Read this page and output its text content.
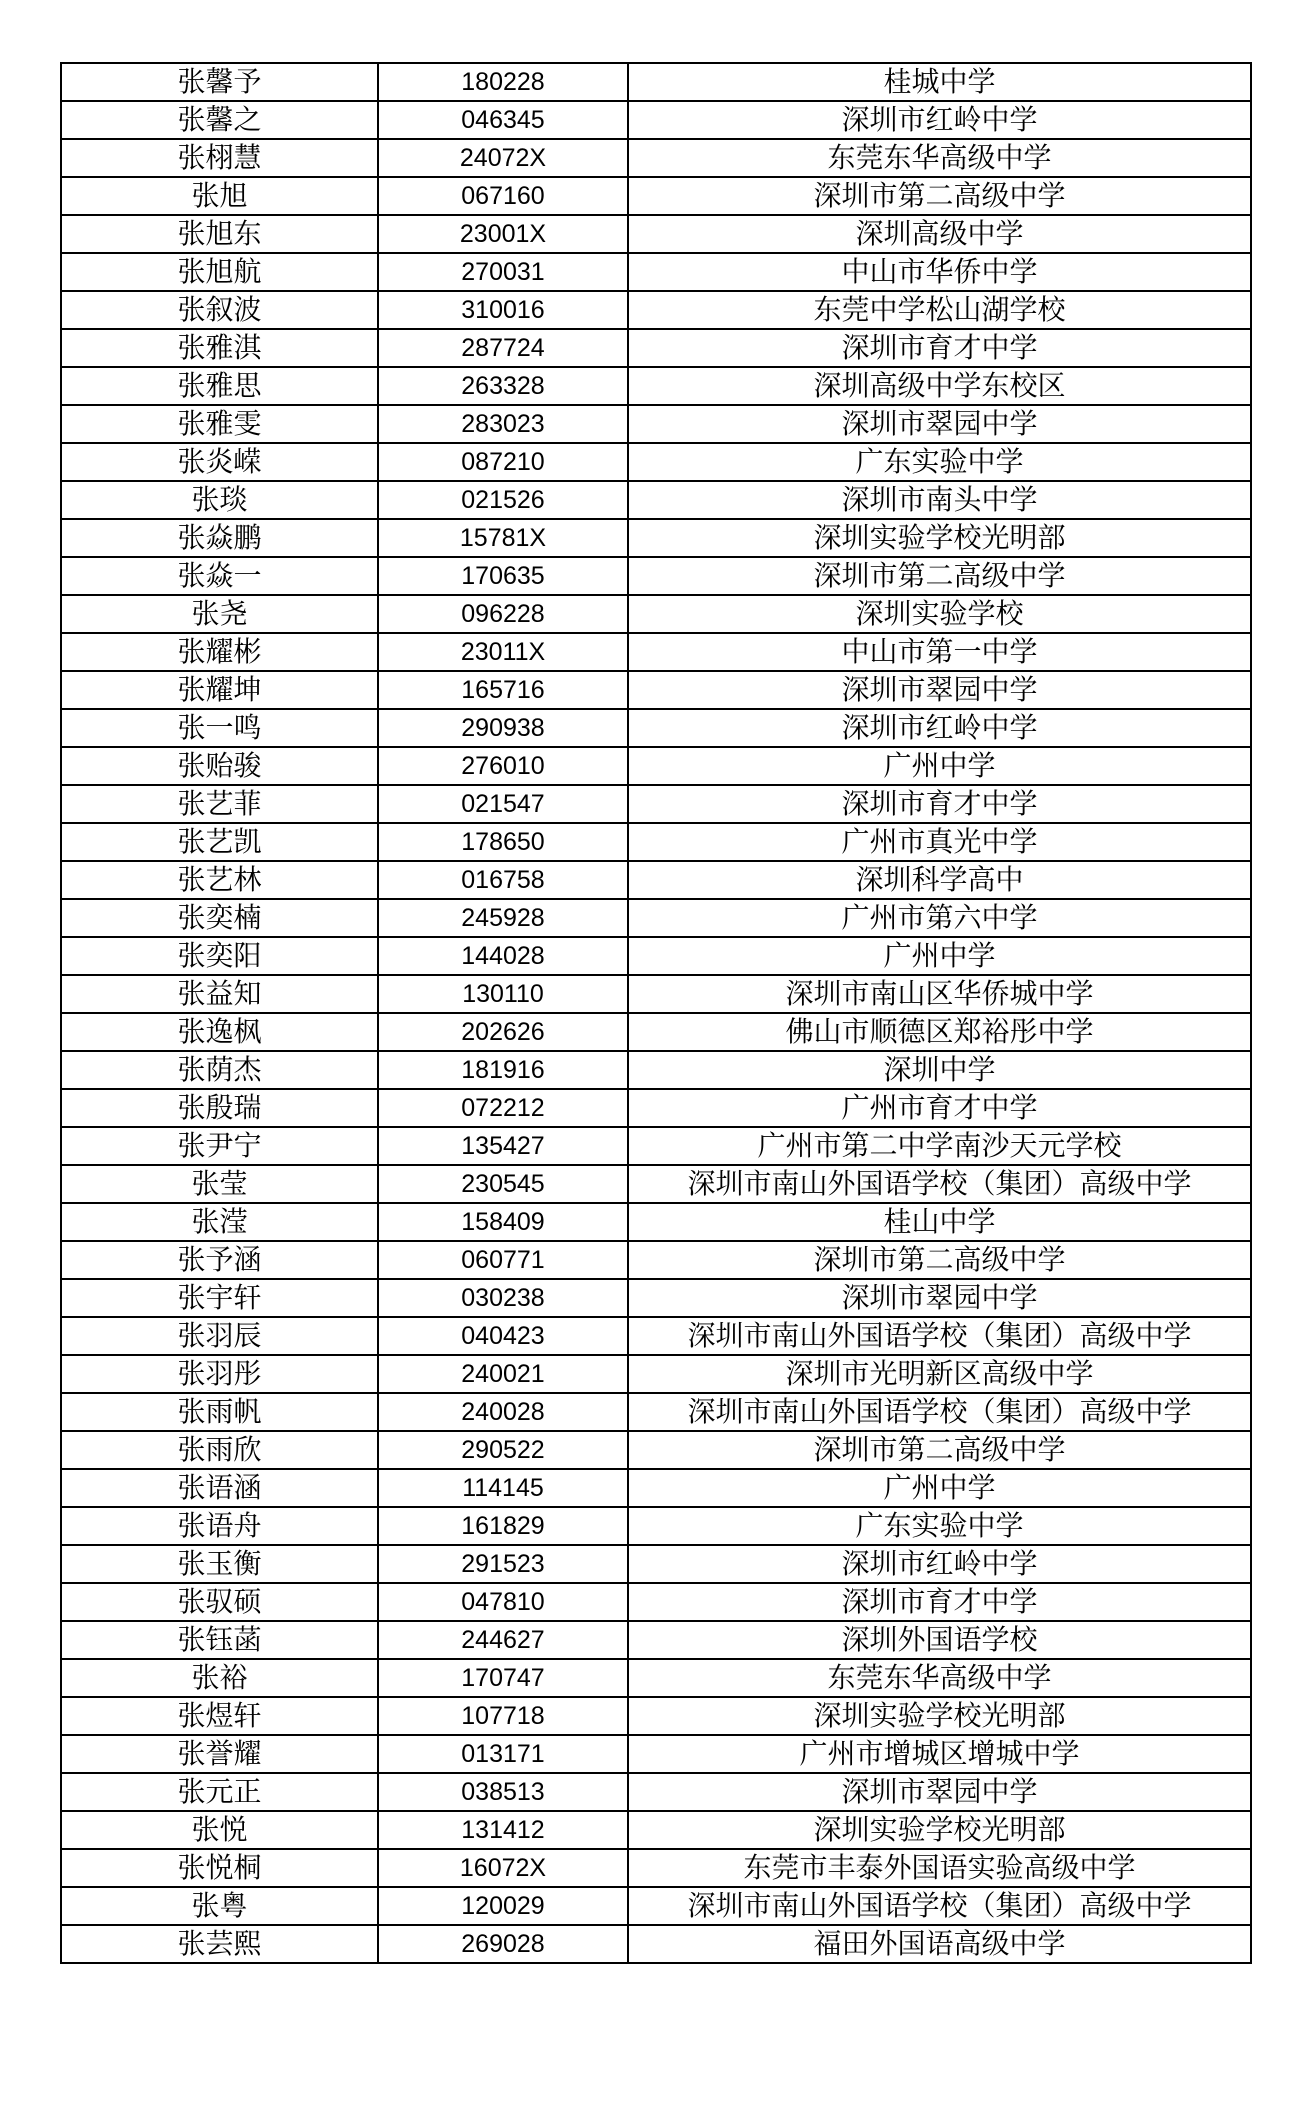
张馨予	180228	桂城中学
张馨之	046345	深圳市红岭中学
张栩慧	24072X	东莞东华高级中学
张旭	067160	深圳市第二高级中学
张旭东	23001X	深圳高级中学
张旭航	270031	中山市华侨中学
张叙波	310016	东莞中学松山湖学校
张雅淇	287724	深圳市育才中学
张雅思	263328	深圳高级中学东校区
张雅雯	283023	深圳市翠园中学
张炎嵘	087210	广东实验中学
张琰	021526	深圳市南头中学
张焱鹏	15781X	深圳实验学校光明部
张焱一	170635	深圳市第二高级中学
张尧	096228	深圳实验学校
张耀彬	23011X	中山市第一中学
张耀坤	165716	深圳市翠园中学
张一鸣	290938	深圳市红岭中学
张贻骏	276010	广州中学
张艺菲	021547	深圳市育才中学
张艺凯	178650	广州市真光中学
张艺林	016758	深圳科学高中
张奕楠	245928	广州市第六中学
张奕阳	144028	广州中学
张益知	130110	深圳市南山区华侨城中学
张逸枫	202626	佛山市顺德区郑裕彤中学
张荫杰	181916	深圳中学
张殷瑞	072212	广州市育才中学
张尹宁	135427	广州市第二中学南沙天元学校
张莹	230545	深圳市南山外国语学校（集团）高级中学
张滢	158409	桂山中学
张予涵	060771	深圳市第二高级中学
张宇轩	030238	深圳市翠园中学
张羽辰	040423	深圳市南山外国语学校（集团）高级中学
张羽彤	240021	深圳市光明新区高级中学
张雨帆	240028	深圳市南山外国语学校（集团）高级中学
张雨欣	290522	深圳市第二高级中学
张语涵	114145	广州中学
张语舟	161829	广东实验中学
张玉衡	291523	深圳市红岭中学
张驭硕	047810	深圳市育才中学
张钰菡	244627	深圳外国语学校
张裕	170747	东莞东华高级中学
张煜轩	107718	深圳实验学校光明部
张誉耀	013171	广州市增城区增城中学
张元正	038513	深圳市翠园中学
张悦	131412	深圳实验学校光明部
张悦桐	16072X	东莞市丰泰外国语实验高级中学
张粤	120029	深圳市南山外国语学校（集团）高级中学
张芸熙	269028	福田外国语高级中学
